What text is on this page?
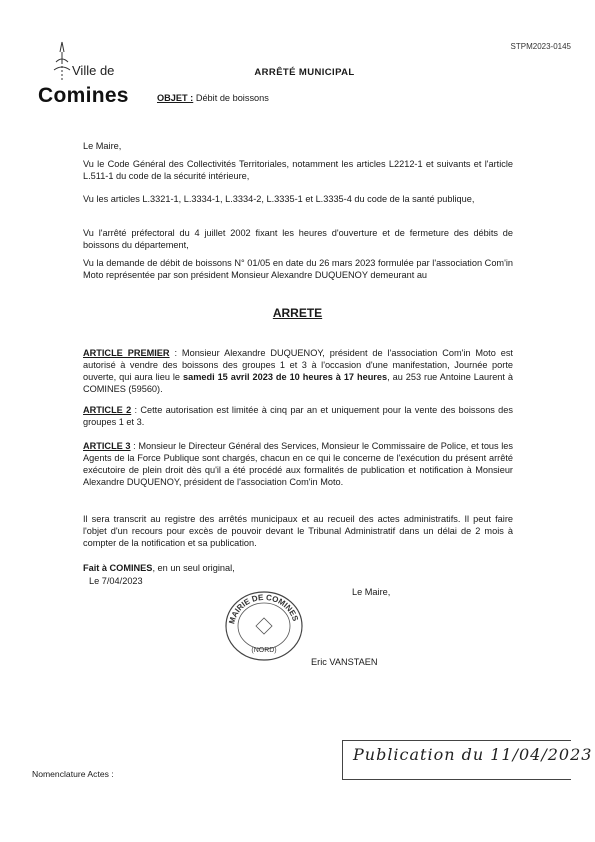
Ville de
Comines
STPM2023-0145
ARRÊTÉ MUNICIPAL
OBJET : Débit de boissons
Le Maire,
Vu le Code Général des Collectivités Territoriales, notamment les articles L2212-1 et suivants et l'article L.511-1 du code de la sécurité intérieure,
Vu les articles L.3321-1, L.3334-1, L.3334-2, L.3335-1 et L.3335-4 du code de la santé publique,
Vu l'arrêté préfectoral du 4 juillet 2002 fixant les heures d'ouverture et de fermeture des débits de boissons du département,
Vu la demande de débit de boissons N° 01/05 en date du 26 mars 2023 formulée par l'association Com'in Moto représentée par son président Monsieur Alexandre DUQUENOY demeurant au
ARRETE
ARTICLE PREMIER : Monsieur Alexandre DUQUENOY, président de l'association Com'in Moto est autorisé à vendre des boissons des groupes 1 et 3 à l'occasion d'une manifestation, Journée porte ouverte, qui aura lieu le samedi 15 avril 2023 de 10 heures à 17 heures, au 253 rue Antoine Laurent à COMINES (59560).
ARTICLE 2 : Cette autorisation est limitée à cinq par an et uniquement pour la vente des boissons des groupes 1 et 3.
ARTICLE 3 : Monsieur le Directeur Général des Services, Monsieur le Commissaire de Police, et tous les Agents de la Force Publique sont chargés, chacun en ce qui le concerne de l'exécution du présent arrêté exécutoire de plein droit dès qu'il a été procédé aux formalités de publication et notification à Monsieur Alexandre DUQUENOY, président de l'association Com'in Moto.
Il sera transcrit au registre des arrêtés municipaux et au recueil des actes administratifs. Il peut faire l'objet d'un recours pour excès de pouvoir devant le Tribunal Administratif dans un délai de 2 mois à compter de la notification et sa publication.
Fait à COMINES, en un seul original,
Le 7/04/2023
Le Maire,
MAIRIE DE COMINES
(NORD)
Eric VANSTAEN
Nomenclature Actes :
Publication du 11/04/2023
